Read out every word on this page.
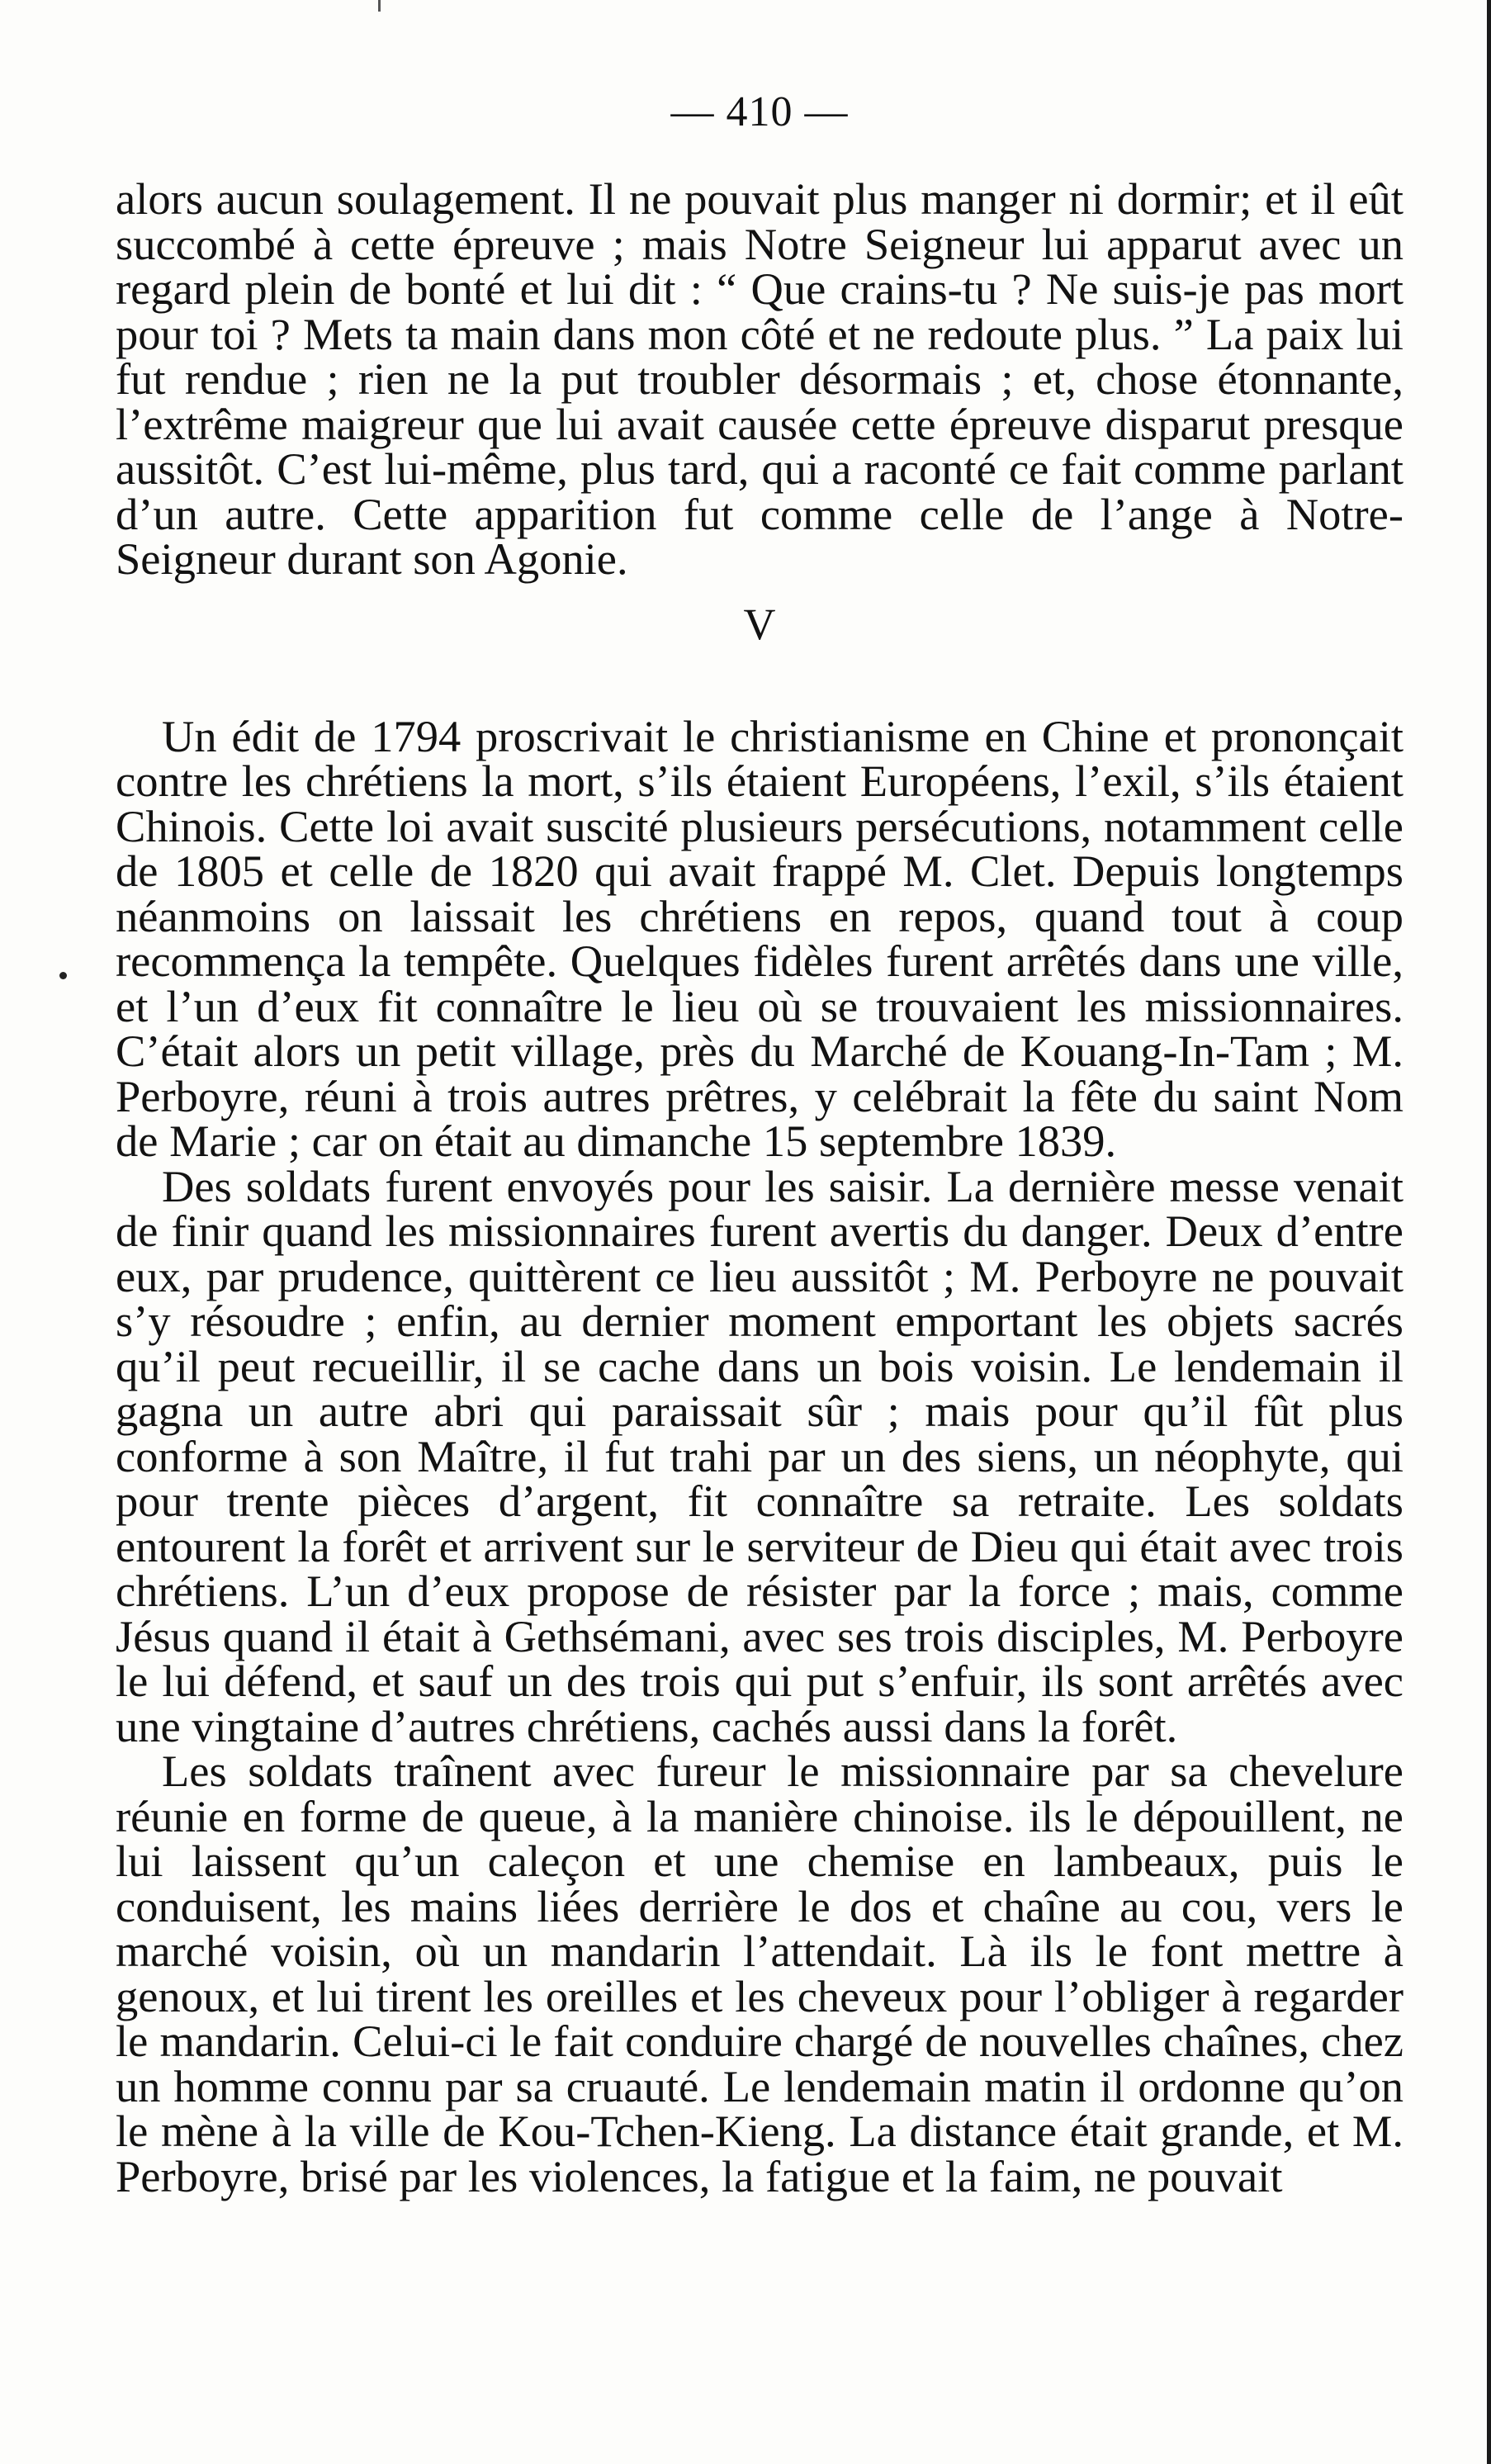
— 410 —

alors aucun soulagement. Il ne pouvait plus manger ni dormir; et il eût succombé à cette épreuve ; mais Notre Seigneur lui apparut avec un regard plein de bonté et lui dit : “ Que crains-tu ? Ne suis-je pas mort pour toi ? Mets ta main dans mon côté et ne redoute plus. ” La paix lui fut rendue ; rien ne la put troubler désormais ; et, chose étonnante, l’extrême maigreur que lui avait causée cette épreuve disparut presque aussitôt. C’est lui-même, plus tard, qui a raconté ce fait comme parlant d’un autre. Cette apparition fut comme celle de l’ange à Notre-Seigneur durant son Agonie.

V

Un édit de 1794 proscrivait le christianisme en Chine et prononçait contre les chrétiens la mort, s’ils étaient Européens, l’exil, s’ils étaient Chinois. Cette loi avait suscité plusieurs persécutions, notamment celle de 1805 et celle de 1820 qui avait frappé M. Clet. Depuis longtemps néanmoins on laissait les chrétiens en repos, quand tout à coup recommença la tempête. Quelques fidèles furent arrêtés dans une ville, et l’un d’eux fit connaître le lieu où se trouvaient les missionnaires. C’était alors un petit village, près du Marché de Kouang-In-Tam ; M. Perboyre, réuni à trois autres prêtres, y celébrait la fête du saint Nom de Marie ; car on était au dimanche 15 septembre 1839.

Des soldats furent envoyés pour les saisir. La dernière messe venait de finir quand les missionnaires furent avertis du danger. Deux d’entre eux, par prudence, quittèrent ce lieu aussitôt ; M. Perboyre ne pouvait s’y résoudre ; enfin, au dernier moment emportant les objets sacrés qu’il peut recueillir, il se cache dans un bois voisin. Le lendemain il gagna un autre abri qui paraissait sûr ; mais pour qu’il fût plus conforme à son Maître, il fut trahi par un des siens, un néophyte, qui pour trente pièces d’argent, fit connaître sa retraite. Les soldats entourent la forêt et arrivent sur le serviteur de Dieu qui était avec trois chrétiens. L’un d’eux propose de résister par la force ; mais, comme Jésus quand il était à Gethsémani, avec ses trois disciples, M. Perboyre le lui défend, et sauf un des trois qui put s’enfuir, ils sont arrêtés avec une vingtaine d’autres chrétiens, cachés aussi dans la forêt.

Les soldats traînent avec fureur le missionnaire par sa chevelure réunie en forme de queue, à la manière chinoise. ils le dépouillent, ne lui laissent qu’un caleçon et une chemise en lambeaux, puis le conduisent, les mains liées derrière le dos et chaîne au cou, vers le marché voisin, où un mandarin l’attendait. Là ils le font mettre à genoux, et lui tirent les oreilles et les cheveux pour l’obliger à regarder le mandarin. Celui-ci le fait conduire chargé de nouvelles chaînes, chez un homme connu par sa cruauté. Le lendemain matin il ordonne qu’on le mène à la ville de Kou-Tchen-Kieng. La distance était grande, et M. Perboyre, brisé par les violences, la fatigue et la faim, ne pouvait
